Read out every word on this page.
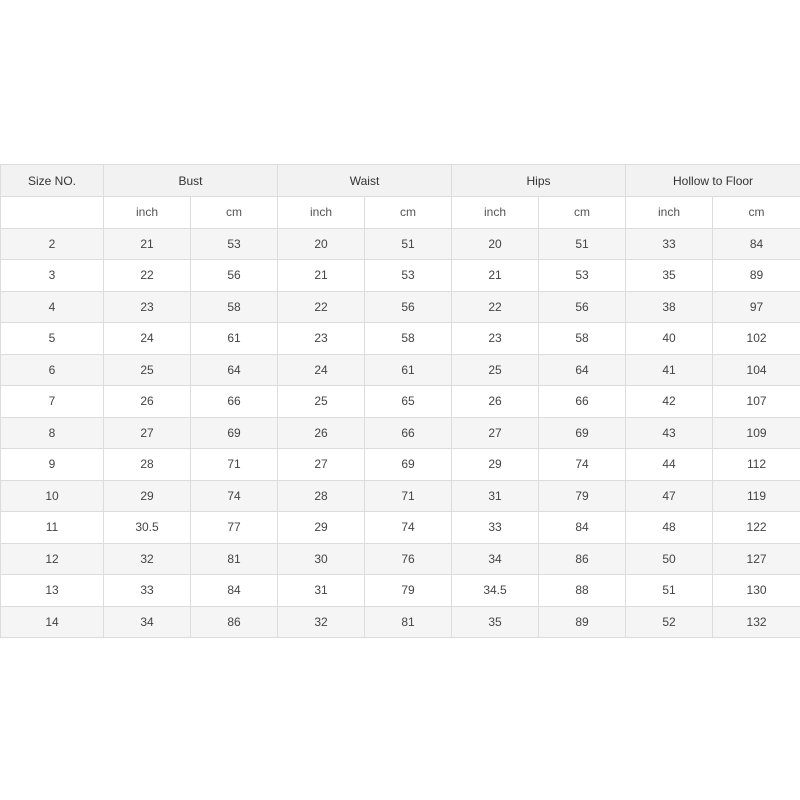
Size NO.	Bust		Waist		Hips		Hollow to Floor	
	inch	cm	inch	cm	inch	cm	inch	cm
2	21	53	20	51	20	51	33	84
3	22	56	21	53	21	53	35	89
4	23	58	22	56	22	56	38	97
5	24	61	23	58	23	58	40	102
6	25	64	24	61	25	64	41	104
7	26	66	25	65	26	66	42	107
8	27	69	26	66	27	69	43	109
9	28	71	27	69	29	74	44	112
10	29	74	28	71	31	79	47	119
11	30.5	77	29	74	33	84	48	122
12	32	81	30	76	34	86	50	127
13	33	84	31	79	34.5	88	51	130
14	34	86	32	81	35	89	52	132
